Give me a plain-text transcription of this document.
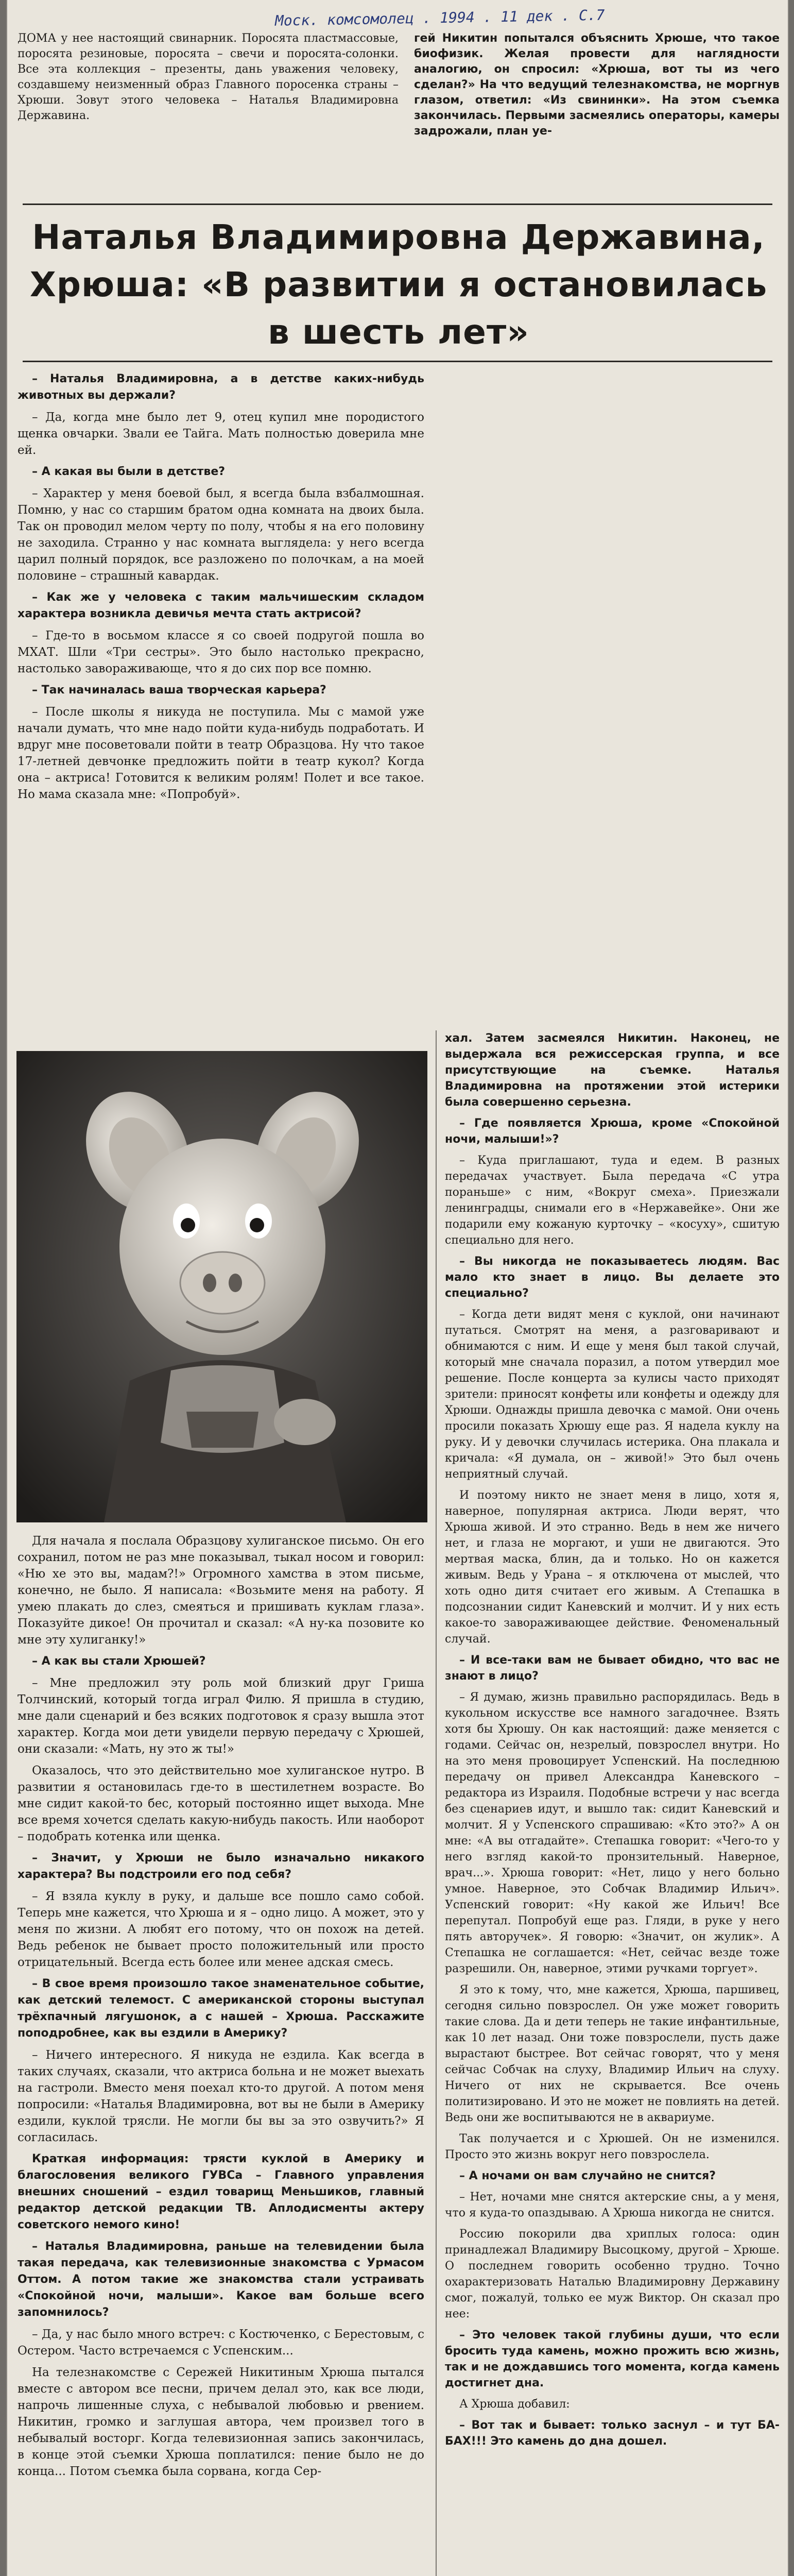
Моск. комсомолец . 1994 . 11 дек . С.7

ДОМА у нее настоящий свинарник. Поросята пластмассовые, поросята резиновые, поросята – свечи и поросята-солонки. Все эта коллекция – презенты, дань уважения человеку, создавшему неизменный образ Главного поросенка страны – Хрюши. Зовут этого человека – Наталья Владимировна Державина.

гей Никитин попытался объяснить Хрюше, что такое биофизик. Желая провести для наглядности аналогию, он спросил: «Хрюша, вот ты из чего сделан?» На что ведущий телезнакомства, не моргнув глазом, ответил: «Из свининки». На этом съемка закончилась. Первыми засмеялись операторы, камеры задрожали, план уе-

Наталья Владимировна Державина,
Хрюша: «В развитии я остановилась
в шесть лет»

– Наталья Владимировна, а в детстве каких-нибудь животных вы держали?

– Да, когда мне было лет 9, отец купил мне породистого щенка овчарки. Звали ее Тайга. Мать полностью доверила мне ей.

– А какая вы были в детстве?

– Характер у меня боевой был, я всегда была взбалмошная. Помню, у нас со старшим братом одна комната на двоих была. Так он проводил мелом черту по полу, чтобы я на его половину не заходила. Странно у нас комната выглядела: у него всегда царил полный порядок, все разложено по полочкам, а на моей половине – страшный кавардак.

– Как же у человека с таким мальчишеским складом характера возникла девичья мечта стать актрисой?

– Где-то в восьмом классе я со своей подругой пошла во МХАТ. Шли «Три сестры». Это было настолько прекрасно, настолько завораживающе, что я до сих пор все помню.

– Так начиналась ваша творческая карьера?

– После школы я никуда не поступила. Мы с мамой уже начали думать, что мне надо пойти куда-нибудь подработать. И вдруг мне посоветовали пойти в театр Образцова. Ну что такое 17-летней девчонке предложить пойти в театр кукол? Когда она – актриса! Готовится к великим ролям! Полет и все такое. Но мама сказала мне: «Попробуй».

Для начала я послала Образцову хулиганское письмо. Он его сохранил, потом не раз мне показывал, тыкал носом и говорил: «Ню хе это вы, мадам?!» Огромного хамства в этом письме, конечно, не было. Я написала: «Возьмите меня на работу. Я умею плакать до слез, смеяться и пришивать куклам глаза». Показуйте дикое! Он прочитал и сказал: «А ну-ка позовите ко мне эту хулиганку!»

– А как вы стали Хрюшей?

– Мне предложил эту роль мой близкий друг Гриша Толчинский, который тогда играл Филю. Я пришла в студию, мне дали сценарий и без всяких подготовок я сразу вышла этот характер. Когда мои дети увидели первую передачу с Хрюшей, они сказали: «Мать, ну это ж ты!»

Оказалось, что это действительно мое хулиганское нутро. В развитии я остановилась где-то в шестилетнем возрасте. Во мне сидит какой-то бес, который постоянно ищет выхода. Мне все время хочется сделать какую-нибудь пакость. Или наоборот – подобрать котенка или щенка.

– Значит, у Хрюши не было изначально никакого характера? Вы подстроили его под себя?

– Я взяла куклу в руку, и дальше все пошло само собой. Теперь мне кажется, что Хрюша и я – одно лицо. А может, это у меня по жизни. А любят его потому, что он похож на детей. Ведь ребенок не бывает просто положительный или просто отрицательный. Всегда есть более или менее адская смесь.

– В свое время произошло такое знаменательное событие, как детский телемост. С американской стороны выступал трёхпачный лягушонок, а с нашей – Хрюша. Расскажите поподробнее, как вы ездили в Америку?

– Ничего интересного. Я никуда не ездила. Как всегда в таких случаях, сказали, что актриса больна и не может выехать на гастроли. Вместо меня поехал кто-то другой. А потом меня попросили: «Наталья Владимировна, вот вы не были в Америку ездили, куклой трясли. Не могли бы вы за это озвучить?» Я согласилась.

Краткая информация: трясти куклой в Америку и благословения великого ГУВСа – Главного управления внешних сношений – ездил товарищ Меньшиков, главный редактор детской редакции ТВ. Аплодисменты актеру советского немого кино!

– Наталья Владимировна, раньше на телевидении была такая передача, как телевизионные знакомства с Урмасом Оттом. А потом такие же знакомства стали устраивать «Спокойной ночи, малыши». Какое вам больше всего запомнилось?

– Да, у нас было много встреч: с Костюченко, с Берестовым, с Остером. Часто встречаемся с Успенским...

На телезнакомстве с Сережей Никитиным Хрюша пытался вместе с автором все песни, причем делал это, как все люди, напрочь лишенные слуха, с небывалой любовью и рвением. Никитин, громко и заглушая автора, чем произвел того в небывалый восторг. Когда телевизионная запись закончилась, в конце этой съемки Хрюша поплатился: пение было не до конца... Потом съемка была сорвана, когда Сер-

хал. Затем засмеялся Никитин. Наконец, не выдержала вся режиссерская группа, и все присутствующие на съемке. Наталья Владимировна на протяжении этой истерики была совершенно серьезна.

– Где появляется Хрюша, кроме «Спокойной ночи, малыши!»?

– Куда приглашают, туда и едем. В разных передачах участвует. Была передача «С утра пораньше» с ним, «Вокруг смеха». Приезжали ленинградцы, снимали его в «Нержавейке». Они же подарили ему кожаную курточку – «косуху», сшитую специально для него.

– Вы никогда не показываетесь людям. Вас мало кто знает в лицо. Вы делаете это специально?

– Когда дети видят меня с куклой, они начинают путаться. Смотрят на меня, а разговаривают и обнимаются с ним. И еще у меня был такой случай, который мне сначала поразил, а потом утвердил мое решение. После концерта за кулисы часто приходят зрители: приносят конфеты или конфеты и одежду для Хрюши. Однажды пришла девочка с мамой. Они очень просили показать Хрюшу еще раз. Я надела куклу на руку. И у девочки случилась истерика. Она плакала и кричала: «Я думала, он – живой!» Это был очень неприятный случай.

И поэтому никто не знает меня в лицо, хотя я, наверное, популярная актриса. Люди верят, что Хрюша живой. И это странно. Ведь в нем же ничего нет, и глаза не моргают, и уши не двигаются. Это мертвая маска, блин, да и только. Но он кажется живым. Ведь у Урана – я отключена от мыслей, что хоть одно дитя считает его живым. А Степашка в подсознании сидит Каневский и молчит. И у них есть какое-то завораживающее действие. Феноменальный случай.

– И все-таки вам не бывает обидно, что вас не знают в лицо?

– Я думаю, жизнь правильно распорядилась. Ведь в кукольном искусстве все намного загадочнее. Взять хотя бы Хрюшу. Он как настоящий: даже меняется с годами. Сейчас он, незрелый, повзрослел внутри. Но на это меня провоцирует Успенский. На последнюю передачу он привел Александра Каневского – редактора из Израиля. Подобные встречи у нас всегда без сценариев идут, и вышло так: сидит Каневский и молчит. Я у Успенского спрашиваю: «Кто это?» А он мне: «А вы отгадайте». Степашка говорит: «Чего-то у него взгляд какой-то пронзительный. Наверное, врач...». Хрюша говорит: «Нет, лицо у него больно умное. Наверное, это Собчак Владимир Ильич». Успенский говорит: «Ну какой же Ильич! Все перепутал. Попробуй еще раз. Гляди, в руке у него пять авторучек». Я говорю: «Значит, он жулик». А Степашка не соглашается: «Нет, сейчас везде тоже разрешили. Он, наверное, этими ручками торгует».

Я это к тому, что, мне кажется, Хрюша, паршивец, сегодня сильно повзрослел. Он уже может говорить такие слова. Да и дети теперь не такие инфантильные, как 10 лет назад. Они тоже повзрослели, пусть даже вырастают быстрее. Вот сейчас говорят, что у меня сейчас Собчак на слуху, Владимир Ильич на слуху. Ничего от них не скрывается. Все очень политизировано. И это не может не повлиять на детей. Ведь они же воспитываются не в аквариуме.

Так получается и с Хрюшей. Он не изменился. Просто это жизнь вокруг него повзрослела.

– А ночами он вам случайно не снится?

– Нет, ночами мне снятся актерские сны, а у меня, что я куда-то опаздываю. А Хрюша никогда не снится.

Россию покорили два хриплых голоса: один принадлежал Владимиру Высоцкому, другой – Хрюше. О последнем говорить особенно трудно. Точно охарактеризовать Наталью Владимировну Державину смог, пожалуй, только ее муж Виктор. Он сказал про нее:

– Это человек такой глубины души, что если бросить туда камень, можно прожить всю жизнь, так и не дождавшись того момента, когда камень достигнет дна.

А Хрюша добавил:

– Вот так и бывает: только заснул – и тут БА-БАХ!!! Это камень до дна дошел.
